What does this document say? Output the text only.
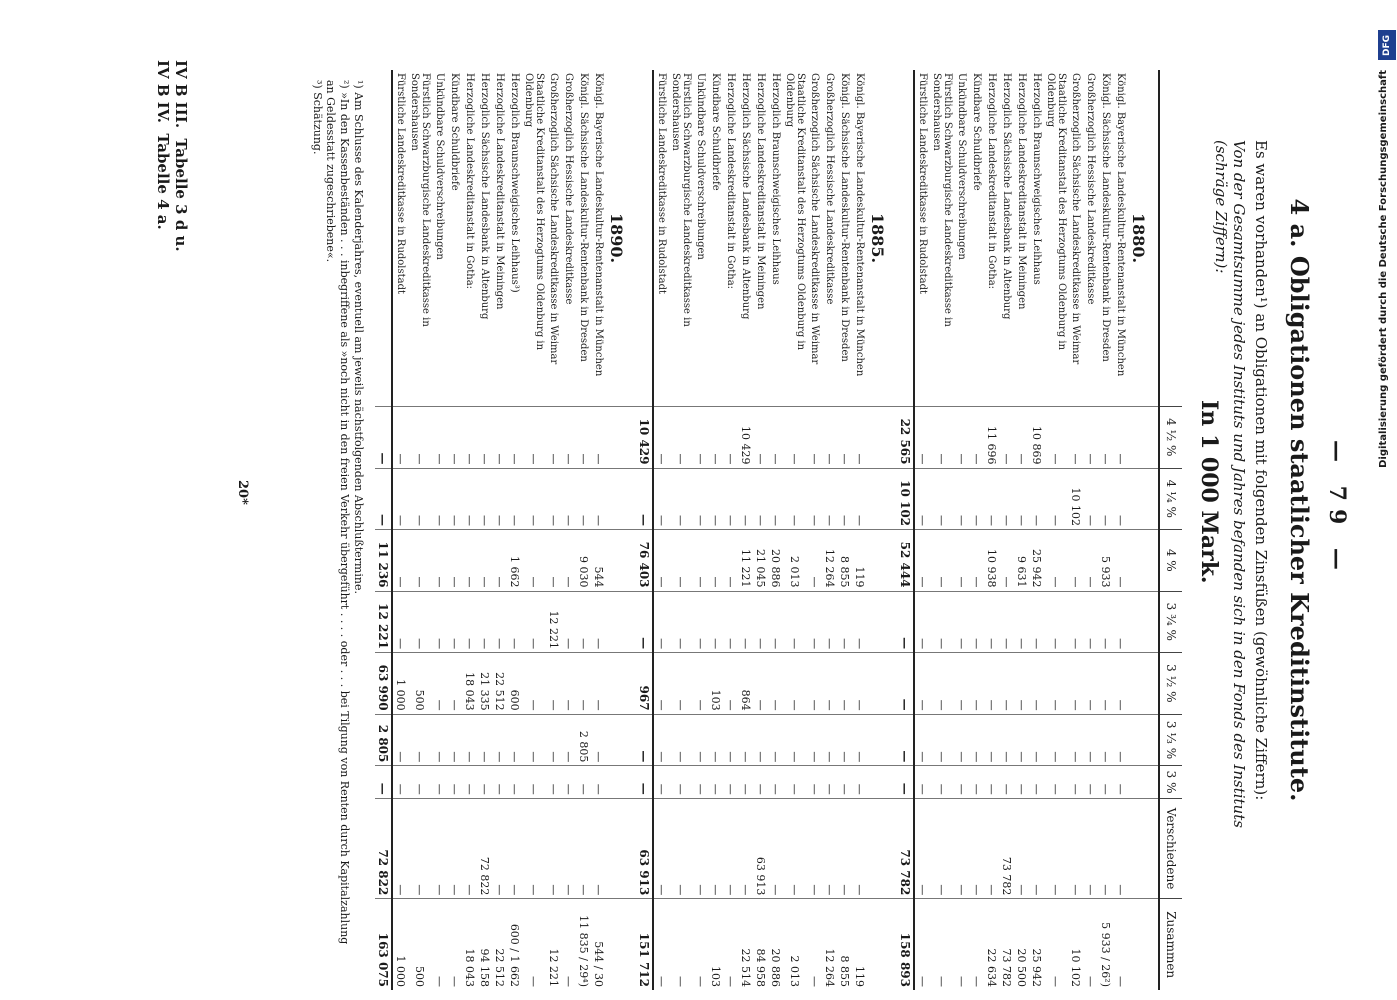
— 79 —
IV B III.  Tabelle 3 d u.
IV B IV.  Tabelle 4 a.
4 a. Obligationen staatlicher Kreditinstitute.
Es waren vorhanden¹) an Obligationen mit folgenden Zinsfüßen (gewöhnliche Ziffern):
Von der Gesamtsumme jedes Instituts und Jahres befanden sich in den Fonds des Instituts (schräge Ziffern):
In 1 000 Mark.
	4 ½ %	4 ¼ %	4 %	3 ¾ %	3 ½ %	3 ⅓ %	3 %	Verschiedene	Zusammen
1880.									
Königl. Bayerische Landeskultur-Rentenanstalt in München	—	—	—	—	—	—	—	—	—
Königl. Sächsische Landeskultur-Rentenbank in Dresden	—	—	5 933	—	—	—	—	—	5 933 / 26²)
Großherzoglich Hessische Landeskreditkasse	—	—	—	—	—	—	—	—	—
Großherzoglich Sächsische Landeskreditkasse in Weimar	—	10 102	—	—	—	—	—	—	10 102
Staatliche Kreditanstalt des Herzogtums Oldenburg in Oldenburg	—	—	—	—	—	—	—	—	—
Herzoglich Braunschweigisches Leihhaus	10 869	—	25 942	—	—	—	—	—	25 942
Herzogliche Landeskreditanstalt in Meiningen	—	—	9 631	—	—	—	—	—	20 500
Herzoglich Sächsische Landesbank in Altenburg	—	—	—	—	—	—	—	73 782	73 782
Herzogliche Landeskreditanstalt in Gotha:	11 696	—	10 938	—	—	—	—	—	22 634
Kündbare Schuldbriefe	—	—	—	—	—	—	—	—	—
Unkündbare Schuldverschreibungen	—	—	—	—	—	—	—	—	—
Fürstlich Schwarzburgische Landeskreditkasse in Sondershausen	—	—	—	—	—	—	—	—	—
Fürstliche Landeskreditkasse in Rudolstadt	—	—	—	—	—	—	—	—	—
	22 565	10 102	52 444	—	—	—	—	73 782	158 893
1885.									
Königl. Bayerische Landeskultur-Rentenanstalt in München	—	—	119	—	—	—	—	—	119
Königl. Sächsische Landeskultur-Rentenbank in Dresden	—	—	8 855	—	—	—	—	—	8 855
Großherzoglich Hessische Landeskreditkasse	—	—	12 264	—	—	—	—	—	12 264
Großherzoglich Sächsische Landeskreditkasse in Weimar	—	—	—	—	—	—	—	—	—
Staatliche Kreditanstalt des Herzogtums Oldenburg in Oldenburg	—	—	2 013	—	—	—	—	—	2 013
Herzoglich Braunschweigisches Leihhaus	—	—	20 886	—	—	—	—	—	20 886
Herzogliche Landeskreditanstalt in Meiningen	—	—	21 045	—	—	—	—	63 913	84 958
Herzoglich Sächsische Landesbank in Altenburg	10 429	—	11 221	—	864	—	—	—	22 514
Herzogliche Landeskreditanstalt in Gotha:	—	—	—	—	—	—	—	—	—
Kündbare Schuldbriefe	—	—	—	—	103	—	—	—	103
Unkündbare Schuldverschreibungen	—	—	—	—	—	—	—	—	—
Fürstlich Schwarzburgische Landeskreditkasse in Sondershausen	—	—	—	—	—	—	—	—	—
Fürstliche Landeskreditkasse in Rudolstadt	—	—	—	—	—	—	—	—	—
	10 429	—	76 403	—	967	—	—	63 913	151 712
1890.									
Königl. Bayerische Landeskultur-Rentenanstalt in München	—	—	544	—	—	—	—	—	544 / 30
Königl. Sächsische Landeskultur-Rentenbank in Dresden	—	—	9 030	—	—	2 805	—	—	11 835 / 29⁴)
Großherzoglich Hessische Landeskreditkasse	—	—	—	—	—	—	—	—	—
Großherzoglich Sächsische Landeskreditkasse in Weimar	—	—	—	12 221	—	—	—	—	12 221
Staatliche Kreditanstalt des Herzogtums Oldenburg in Oldenburg	—	—	—	—	—	—	—	—	—
Herzoglich Braunschweigisches Leihhaus³)	—	—	1 662	—	600	—	—	—	600 / 1 662
Herzogliche Landeskreditanstalt in Meiningen	—	—	—	—	22 512	—	—	—	22 512
Herzoglich Sächsische Landesbank in Altenburg	—	—	—	—	21 335	—	—	72 822	94 158
Herzogliche Landeskreditanstalt in Gotha:	—	—	—	—	18 043	—	—	—	18 043
Kündbare Schuldbriefe	—	—	—	—	—	—	—	—	—
Unkündbare Schuldverschreibungen	—	—	—	—	—	—	—	—	—
Fürstlich Schwarzburgische Landeskreditkasse in Sondershausen	—	—	—	—	500	—	—	—	500
Fürstliche Landeskreditkasse in Rudolstadt	—	—	—	—	1 000	—	—	—	1 000
	—	—	11 236	12 221	63 990	2 805	—	72 822	163 075
¹) Am Schlusse des Kalenderjahres, eventuell am jeweils nächstfolgenden Abschlußtermine.
²) »In den Kassenbeständen . . . inbegriffene als »noch nicht in den freien Verkehr übergeführt . . . . oder . . . bei Tilgung von Renten durch Kapitalzahlung an Geldesstatt zugeschriebene«.
³) Schätzung.
20*
DFG
Digitalisierung gefördert durch die Deutsche Forschungsgemeinschaft
